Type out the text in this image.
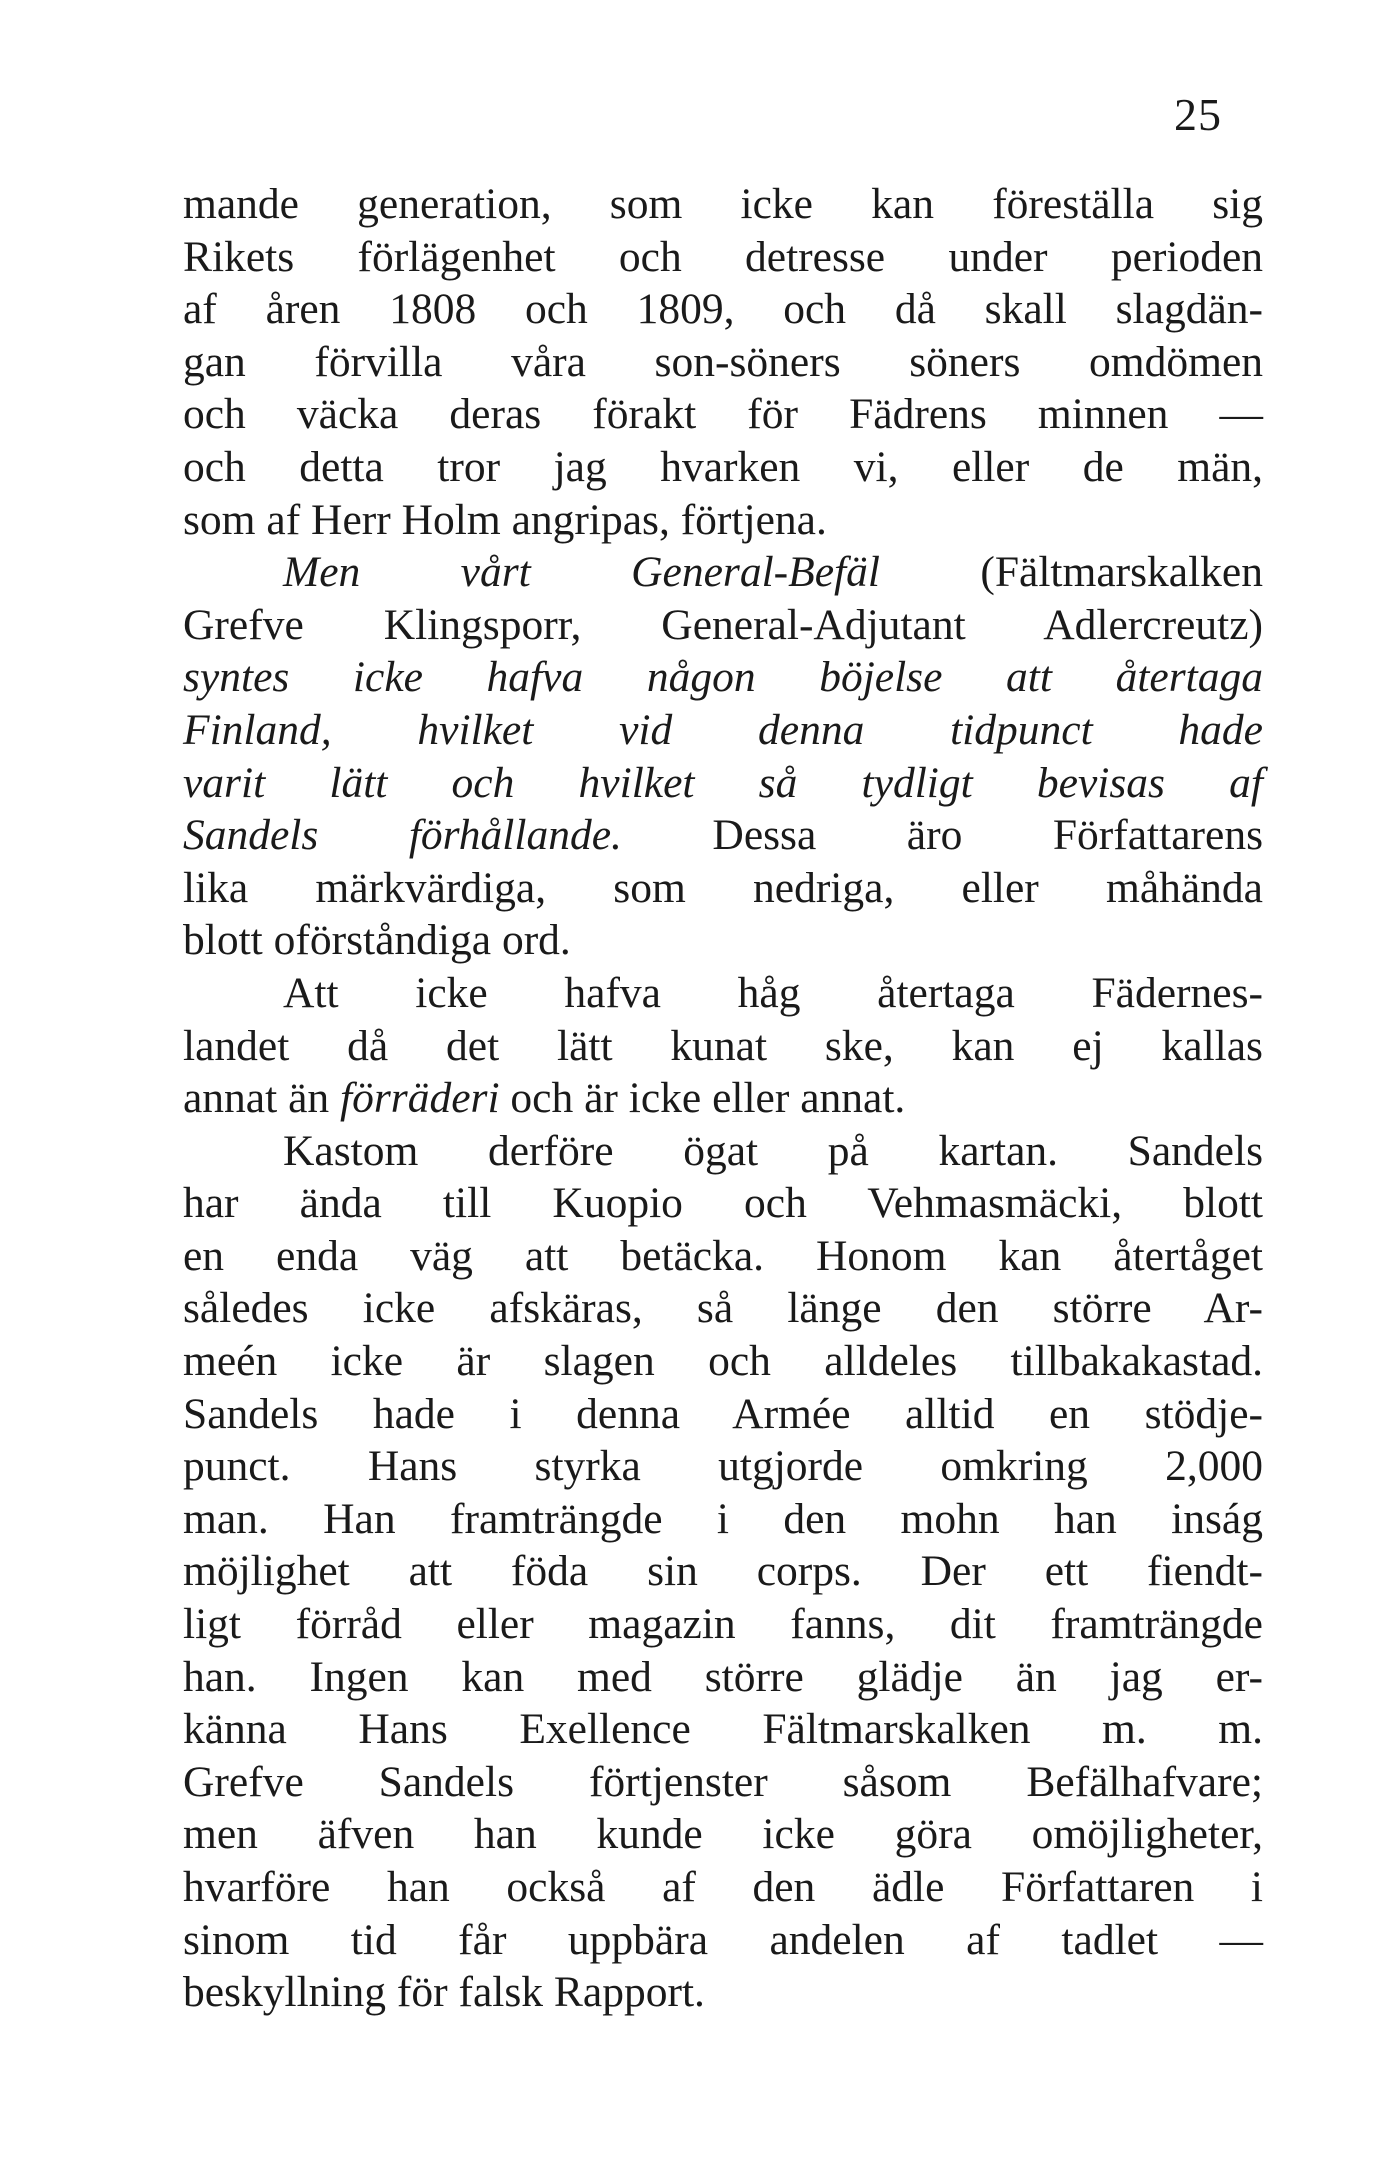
25
mande generation, som icke kan föreställa sig
Rikets förlägenhet och detresse under perioden
af åren 1808 och 1809, och då skall slagdän-
gan förvilla våra son-söners söners omdömen
och väcka deras förakt för Fädrens minnen —
och detta tror jag hvarken vi, eller de män,
som af Herr Holm angripas, förtjena.
Men vårt General-Befäl (Fältmarskalken
Grefve Klingsporr, General-Adjutant Adlercreutz)
syntes icke hafva någon böjelse att återtaga
Finland, hvilket vid denna tidpunct hade
varit lätt och hvilket så tydligt bevisas af
Sandels förhållande. Dessa äro Författarens
lika märkvärdiga, som nedriga, eller måhända
blott oförståndiga ord.
Att icke hafva håg återtaga Fädernes-
landet då det lätt kunat ske, kan ej kallas
annat än förräderi och är icke eller annat.
Kastom derföre ögat på kartan. Sandels
har ända till Kuopio och Vehmasmäcki, blott
en enda väg att betäcka. Honom kan återtåget
således icke afskäras, så länge den större Ar-
meén icke är slagen och alldeles tillbakakastad.
Sandels hade i denna Armée alltid en stödje-
punct. Hans styrka utgjorde omkring 2,000
man. Han framträngde i den mohn han inság
möjlighet att föda sin corps. Der ett fiendt-
ligt förråd eller magazin fanns, dit framträngde
han. Ingen kan med större glädje än jag er-
känna Hans Exellence Fältmarskalken m. m.
Grefve Sandels förtjenster såsom Befälhafvare;
men äfven han kunde icke göra omöjligheter,
hvarföre han också af den ädle Författaren i
sinom tid får uppbära andelen af tadlet —
beskyllning för falsk Rapport.
